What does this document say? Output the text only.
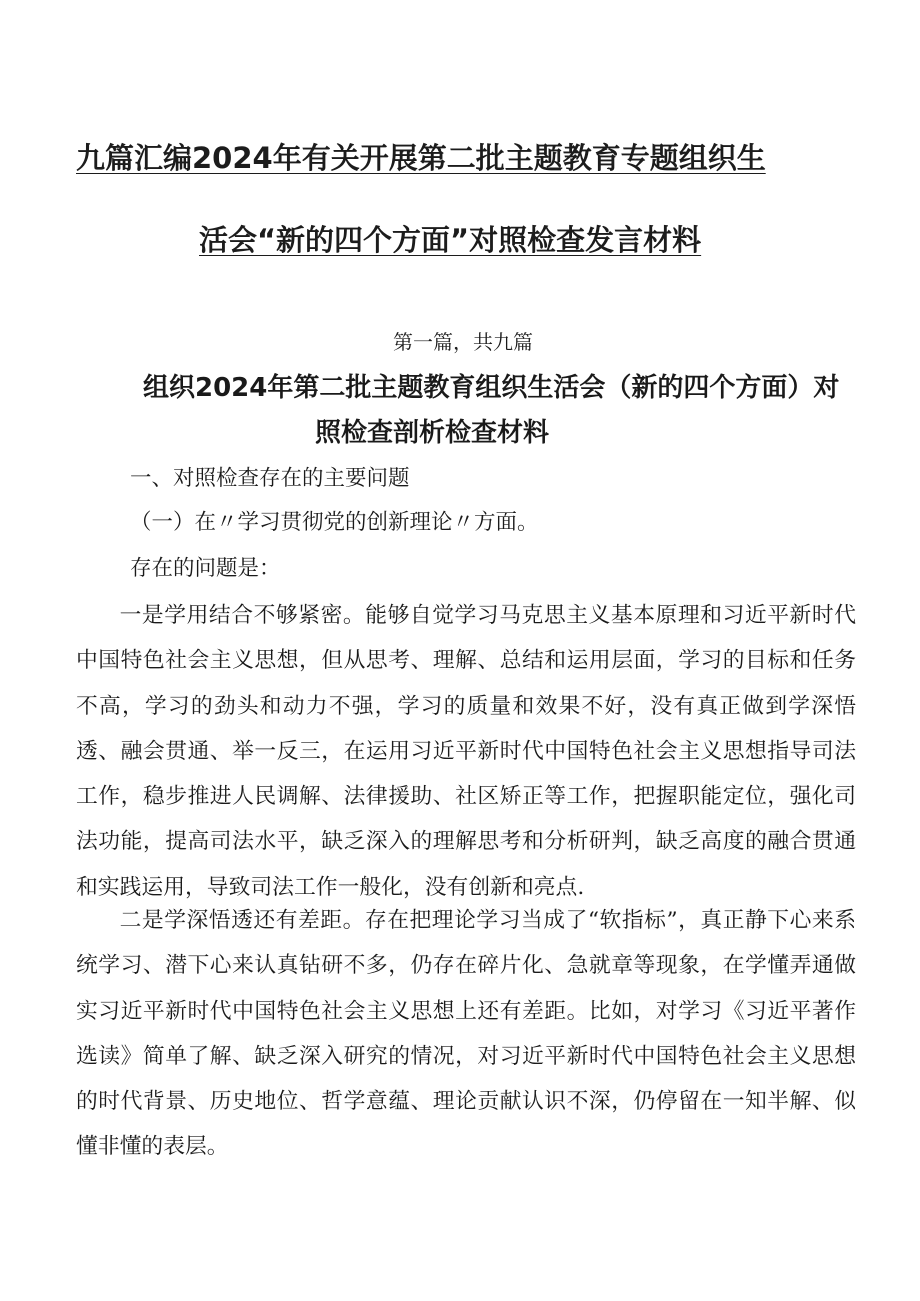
九篇汇编2024年有关开展第二批主题教育专题组织生
活会“新的四个方面”对照检查发言材料

第一篇，共九篇

组织2024年第二批主题教育组织生活会（新的四个方面）对
照检查剖析检查材料

一、对照检查存在的主要问题

（一）在〃学习贯彻党的创新理论〃方面。

存在的问题是：

一是学用结合不够紧密。能够自觉学习马克思主义基本原理和习近平新时代中国特色社会主义思想，但从思考、理解、总结和运用层面，学习的目标和任务不高，学习的劲头和动力不强，学习的质量和效果不好，没有真正做到学深悟透、融会贯通、举一反三，在运用习近平新时代中国特色社会主义思想指导司法工作，稳步推进人民调解、法律援助、社区矫正等工作，把握职能定位，强化司法功能，提高司法水平，缺乏深入的理解思考和分析研判，缺乏高度的融合贯通和实践运用，导致司法工作一般化，没有创新和亮点.

二是学深悟透还有差距。存在把理论学习当成了“软指标”，真正静下心来系统学习、潜下心来认真钻研不多，仍存在碎片化、急就章等现象，在学懂弄通做实习近平新时代中国特色社会主义思想上还有差距。比如，对学习《习近平著作选读》简单了解、缺乏深入研究的情况，对习近平新时代中国特色社会主义思想的时代背景、历史地位、哲学意蕴、理论贡献认识不深，仍停留在一知半解、似懂非懂的表层。
